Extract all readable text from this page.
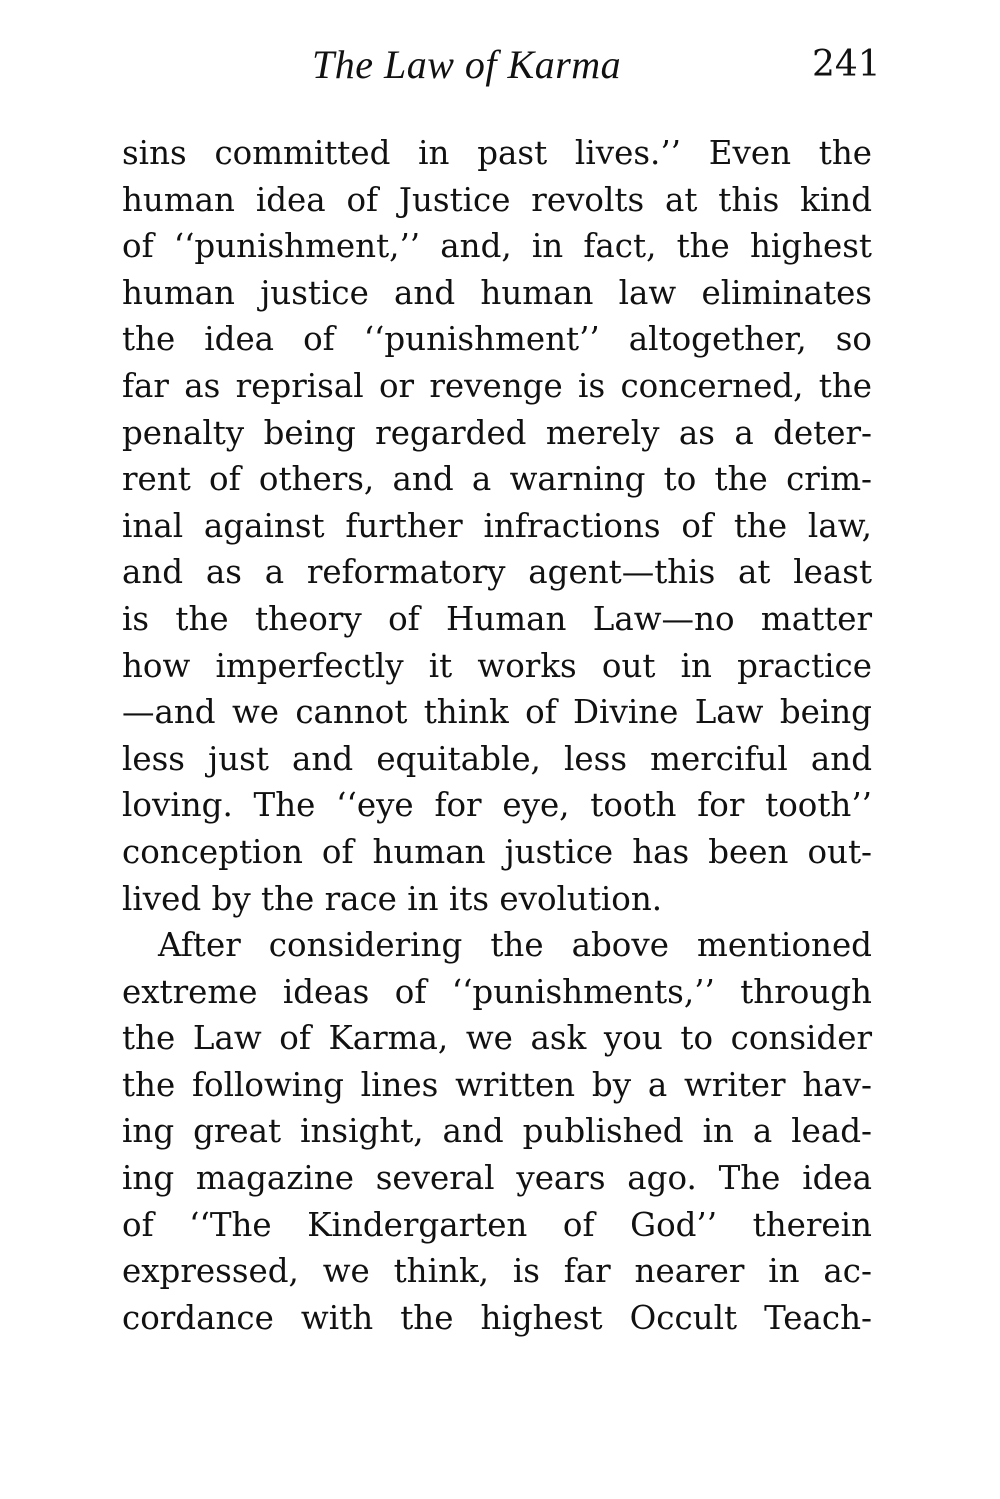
The Law of Karma	241
sins committed in past lives.’’ Even the
human idea of Justice revolts at this kind
of ‘‘punishment,’’ and, in fact, the highest
human justice and human law eliminates
the idea of ‘‘punishment’’ altogether, so
far as reprisal or revenge is concerned, the
penalty being regarded merely as a deter-
rent of others, and a warning to the crim-
inal against further infractions of the law,
and as a reformatory agent—this at least
is the theory of Human Law—no matter
how imperfectly it works out in practice
—and we cannot think of Divine Law being
less just and equitable, less merciful and
loving. The ‘‘eye for eye, tooth for tooth’’
conception of human justice has been out-
lived by the race in its evolution.
After considering the above mentioned
extreme ideas of ‘‘punishments,’’ through
the Law of Karma, we ask you to consider
the following lines written by a writer hav-
ing great insight, and published in a lead-
ing magazine several years ago. The idea
of ‘‘The Kindergarten of God’’ therein
expressed, we think, is far nearer in ac-
cordance with the highest Occult Teach-
